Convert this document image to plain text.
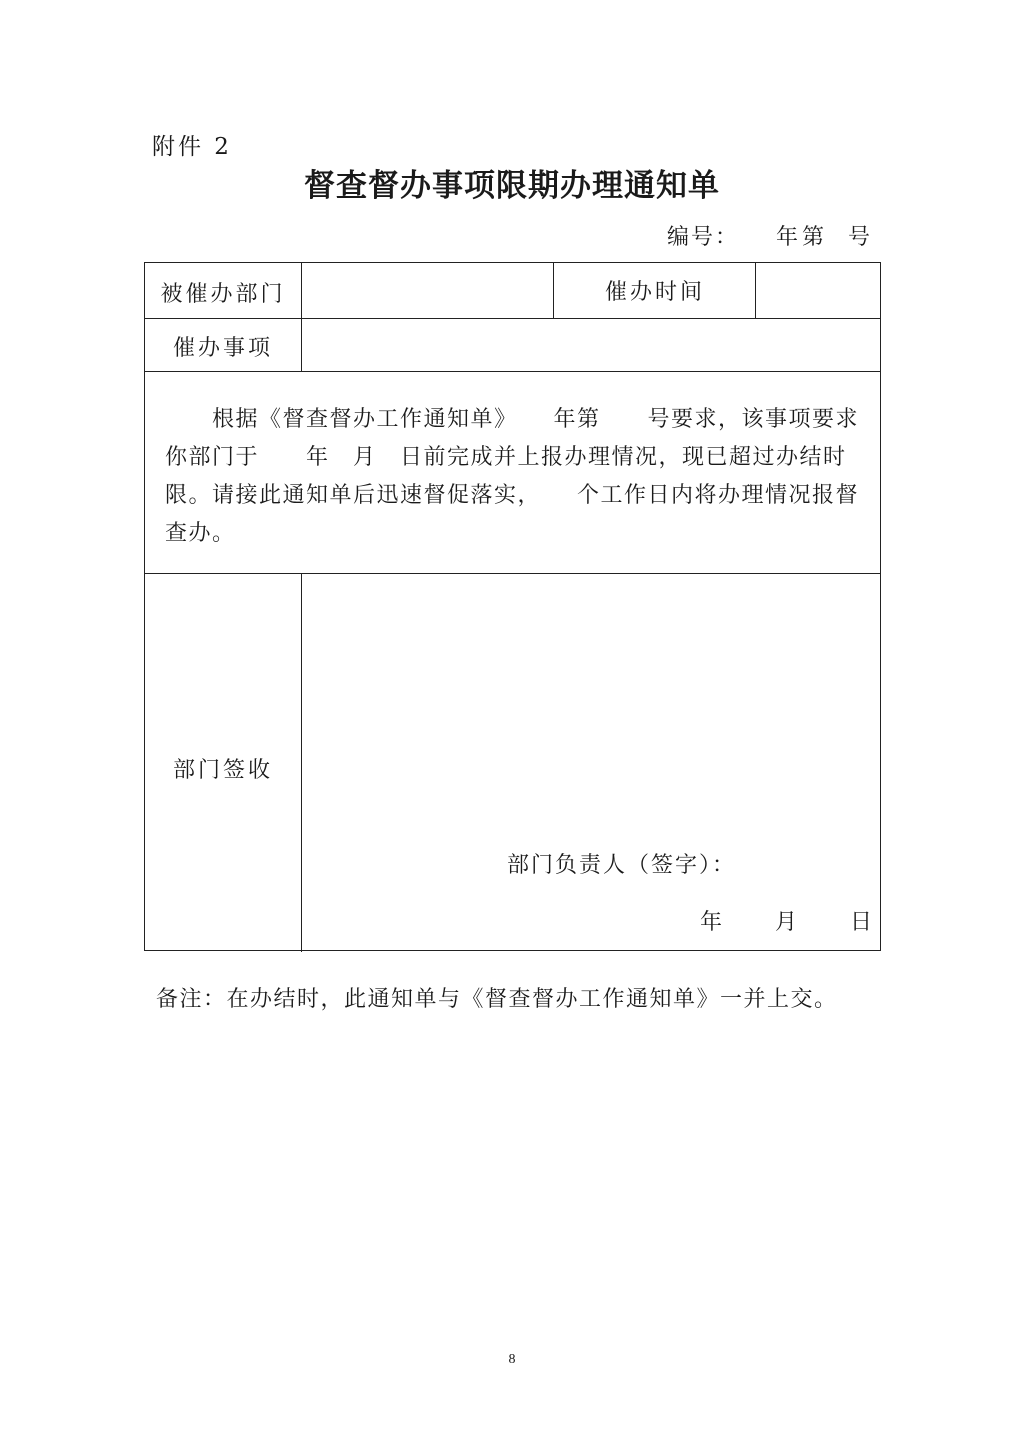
附件 2
督查督办事项限期办理通知单
编号： 年第 号
被催办部门	催办时间
催办事项
　　根据《督查督办工作通知单》　　年第　　号要求，该事项要求
你部门于　　年　月　日前完成并上报办理情况，现已超过办结时
限。请接此通知单后迅速督促落实，　　个工作日内将办理情况报督
查办。
部门签收
部门负责人（签字）：
年 月 日
备注：在办结时，此通知单与《督查督办工作通知单》一并上交。
8
